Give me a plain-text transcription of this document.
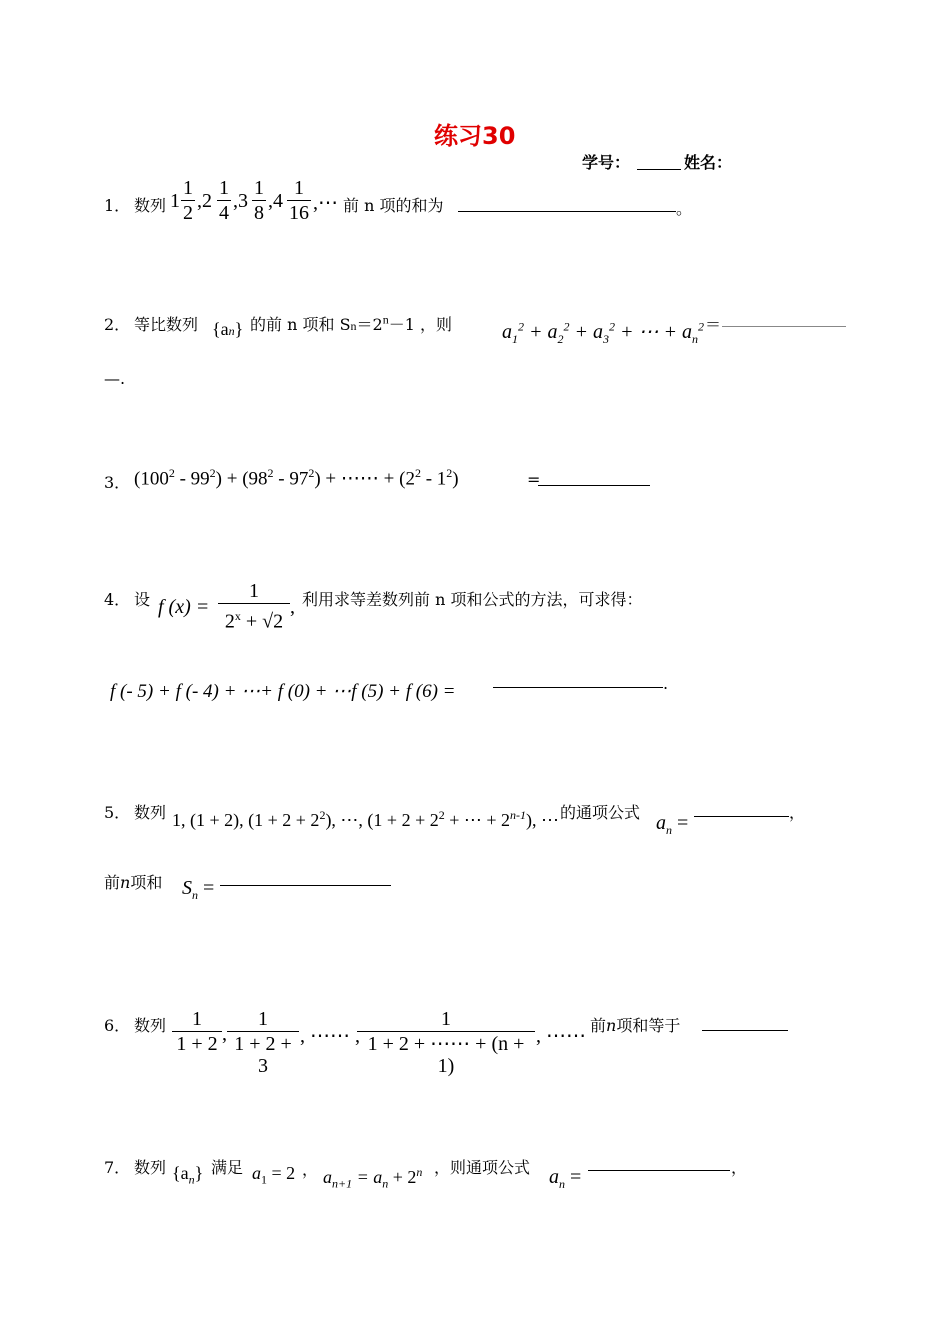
练习30
学号：	姓名：
1． 数列 1
1
2
,2
1
4
,3
1
8
,4
1
16 ,⋯ 前 n 项的和为	。
2． 等比数列 {an} 的前 n 项和 $Sn=2^n-1$ ，则	$a_1^2 + a_2^2 + a_3^2$ + ⋯ + $a_n^2$ ＝
—.
3． $(100^2 - 99^2) + (98^2 - 97^2)$ + ⋯⋯ + $(2^2 - 1^2)$	=
4． 设 f (x) =
1
$2^x + √2$
, 利用求等差数列前 n 项和公式的方法，可求得：
f (- 5) + f (- 4) + ⋯+ f (0) + ⋯f (5) + f (6) =	.
5． 数列 1, (1 + 2), $(1 + 2 + 2^2)$, ⋯, ($1 + 2 + 2^2$ + ⋯ + $2^{n-1}$), ⋯ 的通项公式 $a_n$ =	，
前n项和 $S_n$ =
6． 数列	1
1 + 2 ,
1
1 + 2 + 3
, ⋯⋯ ,
1
1 + 2 + ⋯⋯ + (n + 1)
, ⋯⋯ 前n项和等于
7． 数列 $\{a_n\}$ 满足 $a_1 = 2$ ， $a_{n+1} = a_n + 2^n$ ，则通项公式 $a_n$ =	，
